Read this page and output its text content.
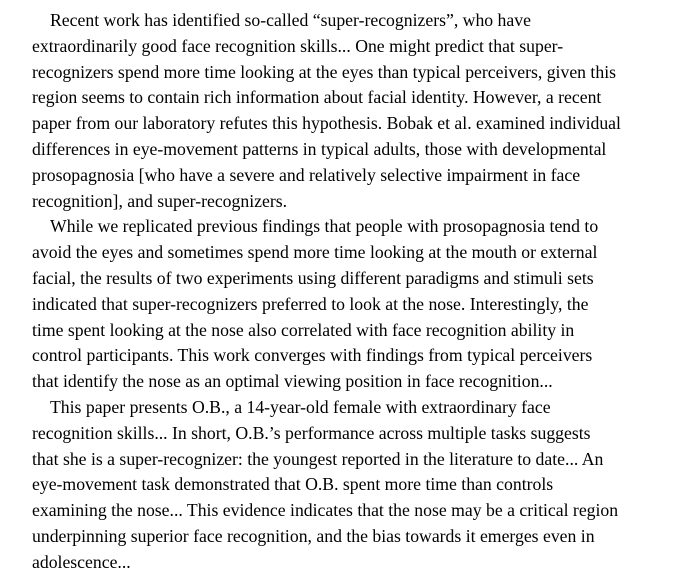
Recent work has identified so-called “super-recognizers”, who have
extraordinarily good face recognition skills... One might predict that super-
recognizers spend more time looking at the eyes than typical perceivers, given this
region seems to contain rich information about facial identity. However, a recent
paper from our laboratory refutes this hypothesis. Bobak et al. examined individual
differences in eye-movement patterns in typical adults, those with developmental
prosopagnosia [who have a severe and relatively selective impairment in face
recognition], and super-recognizers.
While we replicated previous findings that people with prosopagnosia tend to
avoid the eyes and sometimes spend more time looking at the mouth or external
facial, the results of two experiments using different paradigms and stimuli sets
indicated that super-recognizers preferred to look at the nose. Interestingly, the
time spent looking at the nose also correlated with face recognition ability in
control participants. This work converges with findings from typical perceivers
that identify the nose as an optimal viewing position in face recognition...
This paper presents O.B., a 14-year-old female with extraordinary face
recognition skills... In short, O.B.’s performance across multiple tasks suggests
that she is a super-recognizer: the youngest reported in the literature to date... An
eye-movement task demonstrated that O.B. spent more time than controls
examining the nose... This evidence indicates that the nose may be a critical region
underpinning superior face recognition, and the bias towards it emerges even in
adolescence...
